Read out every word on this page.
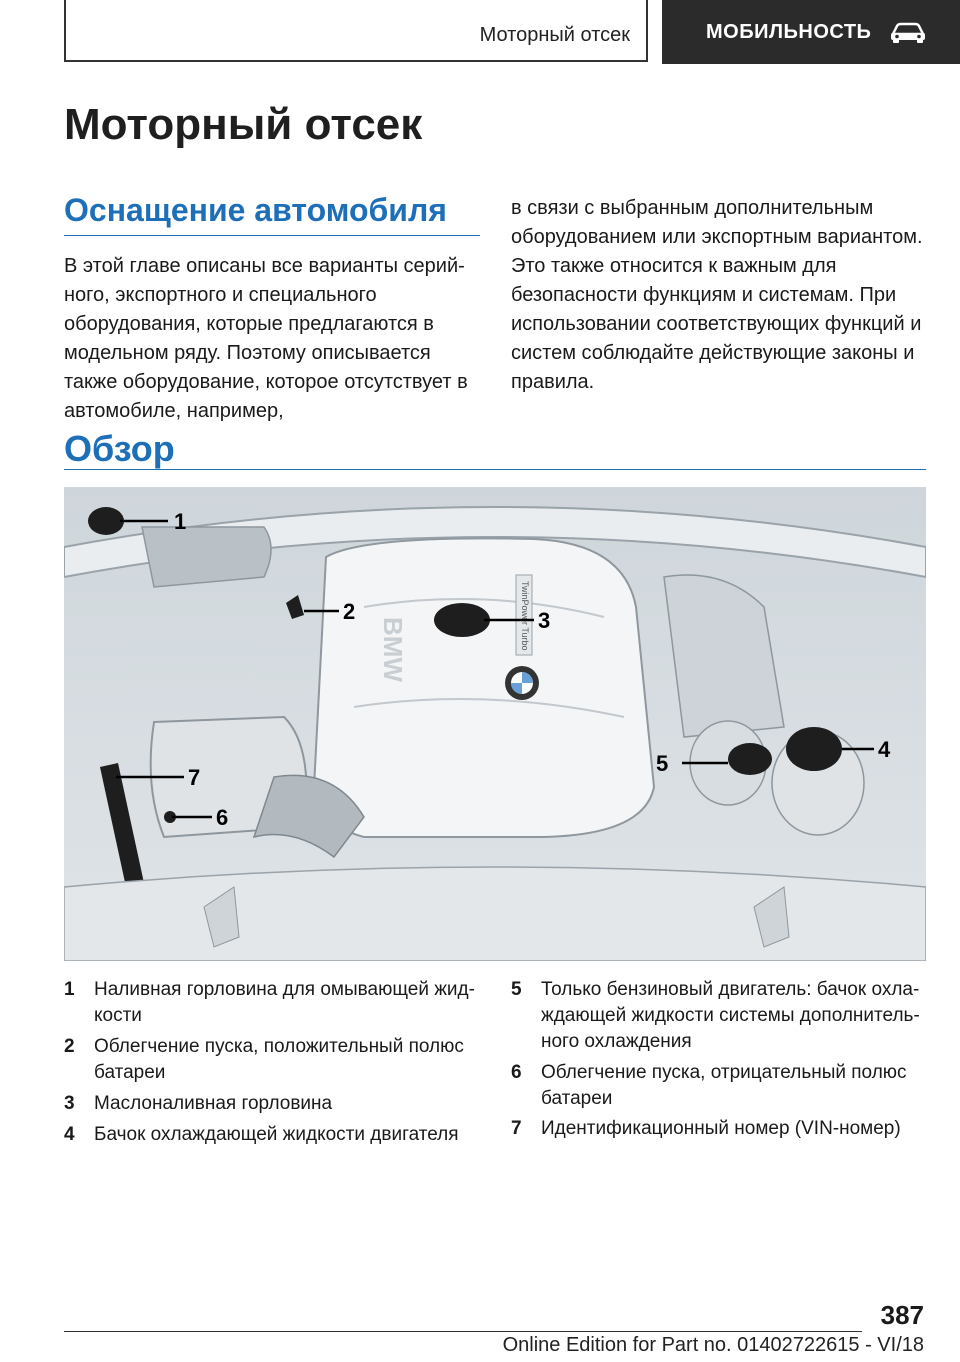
Моторный отсек	МОБИЛЬНОСТЬ
Моторный отсек
Оснащение автомобиля

В этой главе описаны все варианты серийного, экспортного и специального оборудования, которые предлагаются в модельном ряду. Поэтому описывается также оборудование, которое отсутствует в автомобиле, например,

в связи с выбранным дополнительным оборудованием или экспортным вариантом. Это также относится к важным для безопасности функциям и системам. При использовании соответствующих функций и систем соблюдайте действующие законы и правила.

Обзор
BMW	TwinPower Turbo
1
2	3
4
5
6
7
1 Наливная горловина для омывающей жидкости
2 Облегчение пуска, положительный полюс батареи
3 Маслоналивная горловина
4 Бачок охлаждающей жидкости двигателя
5 Только бензиновый двигатель: бачок охлаждающей жидкости системы дополнительного охлаждения
6 Облегчение пуска, отрицательный полюс батареи
7 Идентификационный номер (VIN-номер)
387
Online Edition for Part no. 01402722615 - VI/18
